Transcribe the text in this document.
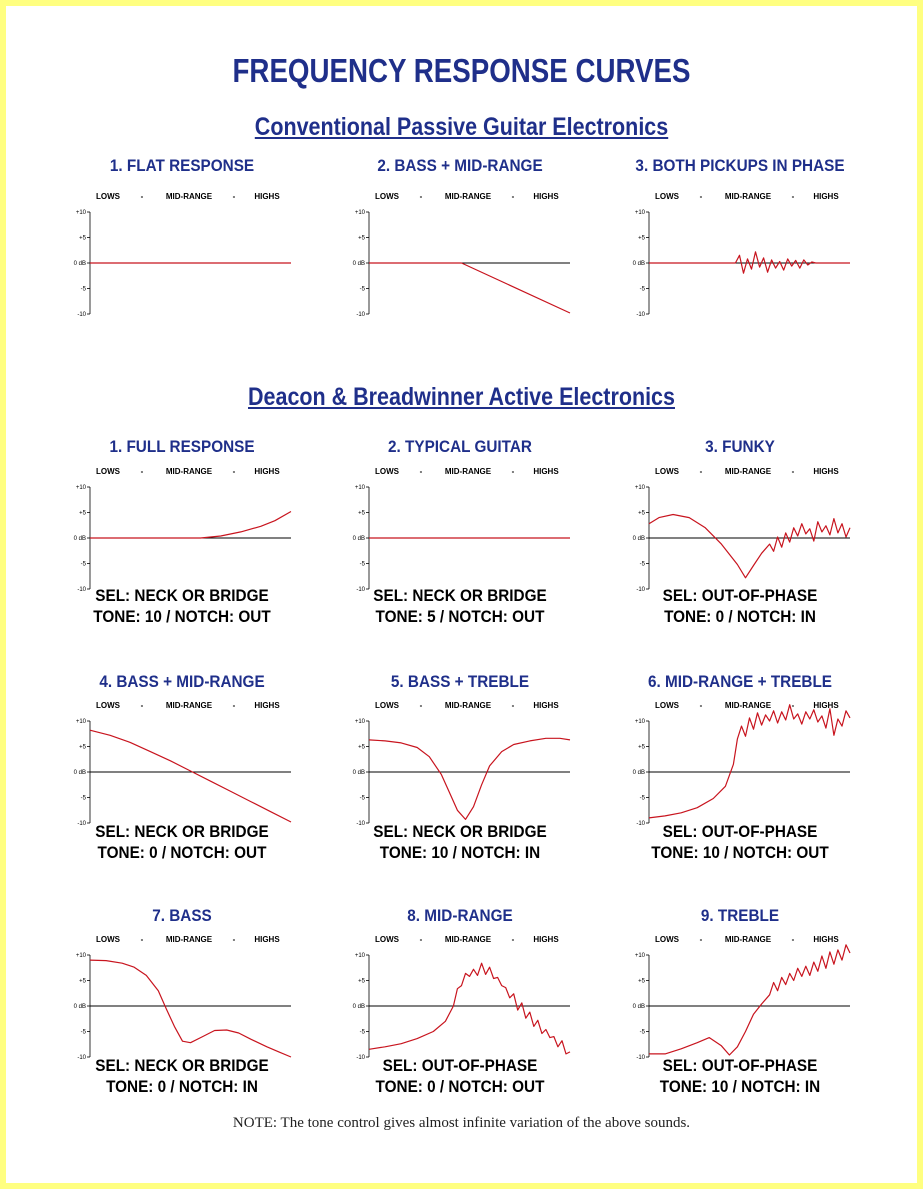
FREQUENCY RESPONSE CURVES
Conventional Passive Guitar Electronics
Deacon & Breadwinner Active Electronics
1. FLAT RESPONSE	2. BASS + MID-RANGE	3. BOTH PICKUPS IN PHASE
1. FULL RESPONSE	2. TYPICAL GUITAR	3. FUNKY
4. BASS + MID-RANGE	5. BASS + TREBLE	6. MID-RANGE + TREBLE
7. BASS	8. MID-RANGE	9. TREBLE
LOWS	-	MID-RANGE	- HIGHS
+10
+5
0 dB
-5
-10
LOWS	-	MID-RANGE	- HIGHS
+10
+5
0 dB
-5
-10
LOWS	-	MID-RANGE	- HIGHS
+10
+5
0 dB
-5
-10
LOWS	-	MID-RANGE	- HIGHS
+10
+5
0 dB
-5
-10
LOWS	-	MID-RANGE	- HIGHS
+10
+5
0 dB
-5
-10
LOWS	-	MID-RANGE	- HIGHS
+10
+5
0 dB
-5
-10
LOWS	-	MID-RANGE	- HIGHS
+10
+5
0 dB
-5
-10
LOWS	-	MID-RANGE	- HIGHS
+10
+5
0 dB
-5
-10
LOWS	-	MID-RANGE	- HIGHS
+10
+5
0 dB
-5
-10
LOWS	-	MID-RANGE	- HIGHS
+10
+5
0 dB
-5
-10
LOWS	-	MID-RANGE	- HIGHS
+10
+5
0 dB
-5
-10
LOWS	-	MID-RANGE	- HIGHS
+10
+5
0 dB
-5
-10
SEL: NECK OR BRIDGE
TONE: 10 / NOTCH: OUT
SEL: NECK OR BRIDGE
TONE: 5 / NOTCH: OUT
SEL: OUT-OF-PHASE
TONE: 0 / NOTCH: IN
SEL: NECK OR BRIDGE
TONE: 0 / NOTCH: OUT
SEL: NECK OR BRIDGE
TONE: 10 / NOTCH: IN
SEL: OUT-OF-PHASE
TONE: 10 / NOTCH: OUT
SEL: NECK OR BRIDGE
TONE: 0 / NOTCH: IN
SEL: OUT-OF-PHASE
TONE: 0 / NOTCH: OUT
SEL: OUT-OF-PHASE
TONE: 10 / NOTCH: IN
NOTE: The tone control gives almost infinite variation of the above sounds.
